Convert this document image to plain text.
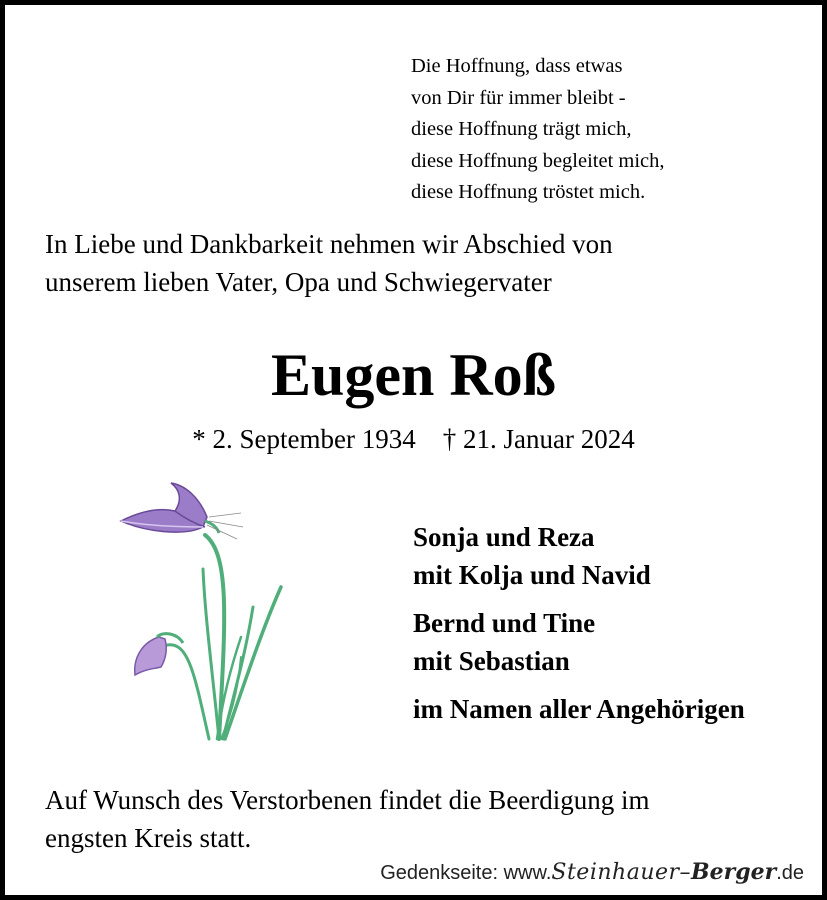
Die Hoffnung, dass etwas
von Dir für immer bleibt -
diese Hoffnung trägt mich,
diese Hoffnung begleitet mich,
diese Hoffnung tröstet mich.
In Liebe und Dankbarkeit nehmen wir Abschied von
unserem lieben Vater, Opa und Schwiegervater
Eugen Roß
* 2. September 1934 † 21. Januar 2024
Sonja und Reza
mit Kolja und Navid
Bernd und Tine
mit Sebastian
im Namen aller Angehörigen
Auf Wunsch des Verstorbenen findet die Beerdigung im
engsten Kreis statt.
Gedenkseite: www.Steinhauer–Berger.de
